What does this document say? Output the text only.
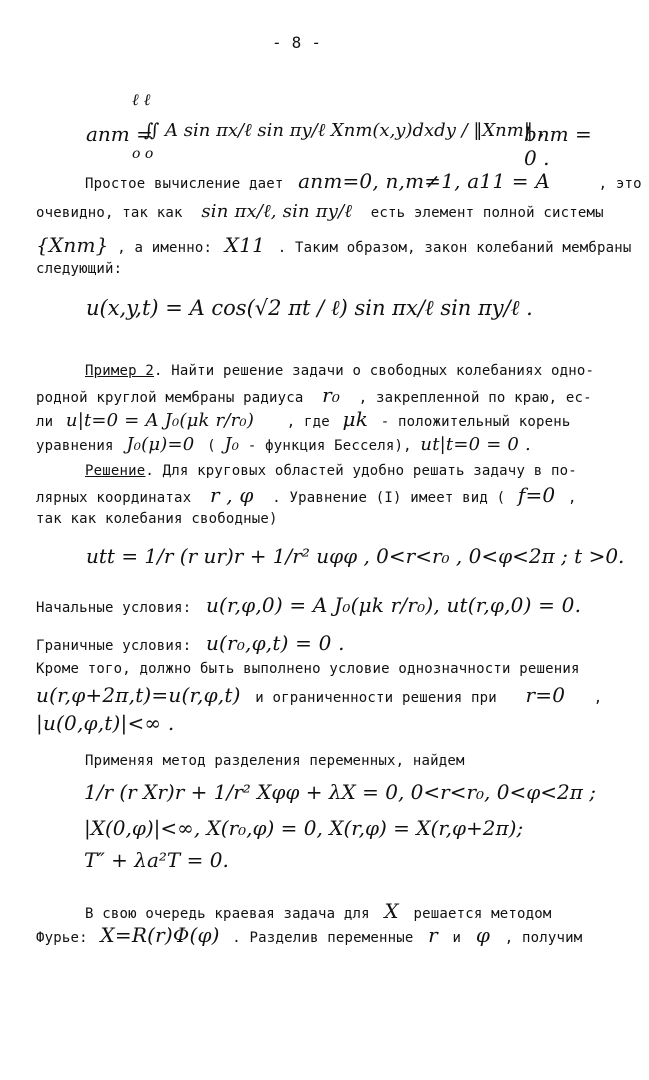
- 8 -
anm =
ℓ ℓ
o o
∬ A sin πx/ℓ sin πy/ℓ Xnm(x,y)dxdy / ‖Xnm‖ ,
bnm = 0 .
Простое вычисление дает anm=0, n,m≠1, a11 = A	, это
очевидно, так как sin πx/ℓ, sin πy/ℓ есть элемент полной системы
{Xnm} , а именно: X11 . Таким образом, закон колебаний мембраны
следующий:
u(x,y,t) = A cos(√2 πt / ℓ) sin πx/ℓ sin πy/ℓ .
Пример 2. Найти решение задачи о свободных колебаниях одно-
родной круглой мембраны радиуса r₀ , закрепленной по краю, ес-
ли u|t=0 = A J₀(μk r/r₀) , где μk - положительный корень
уравнения J₀(μ)=0 ( J₀ - функция Бесселя), ut|t=0 = 0 .
Решение. Для круговых областей удобно решать задачу в по-
лярных координатах r , φ . Уравнение (I) имеет вид ( f=0 ,
так как колебания свободные)
utt = 1/r (r ur)r + 1/r² uφφ , 0<r<r₀ , 0<φ<2π ; t >0.
Начальные условия: u(r,φ,0) = A J₀(μk r/r₀), ut(r,φ,0) = 0.
Граничные условия: u(r₀,φ,t) = 0 .
Кроме того, должно быть выполнено условие однозначности решения
u(r,φ+2π,t)=u(r,φ,t) и ограниченности решения при r=0 ,
|u(0,φ,t)|<∞ .
Применяя метод разделения переменных, найдем
1/r (r Xr)r + 1/r² Xφφ + λX = 0, 0<r<r₀, 0<φ<2π ;
|X(0,φ)|<∞, X(r₀,φ) = 0, X(r,φ) = X(r,φ+2π);
T″ + λa²T = 0.
В свою очередь краевая задача для X решается методом
Фурье: X=R(r)Φ(φ) . Разделив переменные r и φ , получим
